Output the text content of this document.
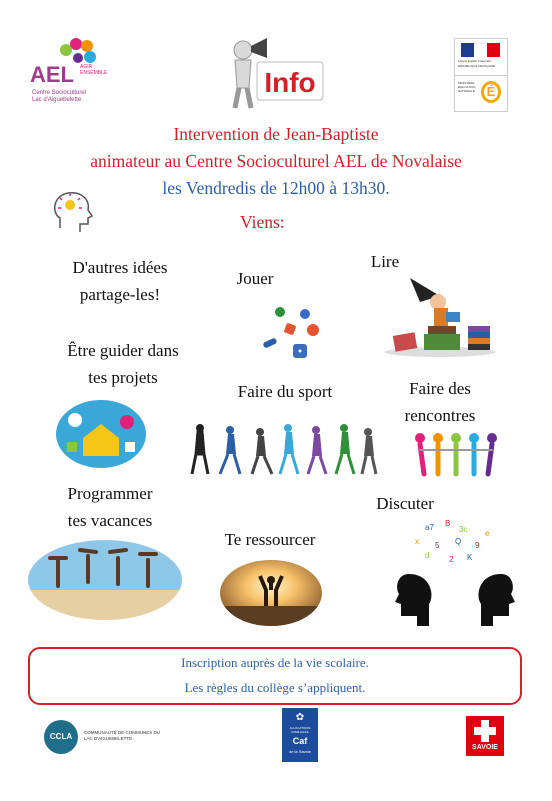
AEL AGIR ENSEMBLE
Centre Socioculturel
Lac d'Aiguebelette
Info
Liberté Égalité Fraternité
RÉPUBLIQUE FRANÇAISE
MINISTÈRE ÉDUCATION NATIONALE É
Intervention de Jean-Baptiste
animateur au Centre Socioculturel AEL de Novalaise
les Vendredis de 12h00 à 13h30.
Viens:
D'autres idées
partage-les!
Jouer
Lire
Être guider dans
tes projets
Faire du sport	Faire des
rencontres
Programmer
tes vacances
Discuter
a7 B
3c
x 5 Q 9
d 2 K
e
Te ressourcer
Inscription auprès de la vie scolaire.
Les règles du collège s’appliquent.
CCLA	COMMUNAUTÉ DE COMMUNES DU
LAC D'AIGUEBELETTE
✿
ALLOCATIONS FAMILIALES
Caf
de la Savoie
SAVOIE
